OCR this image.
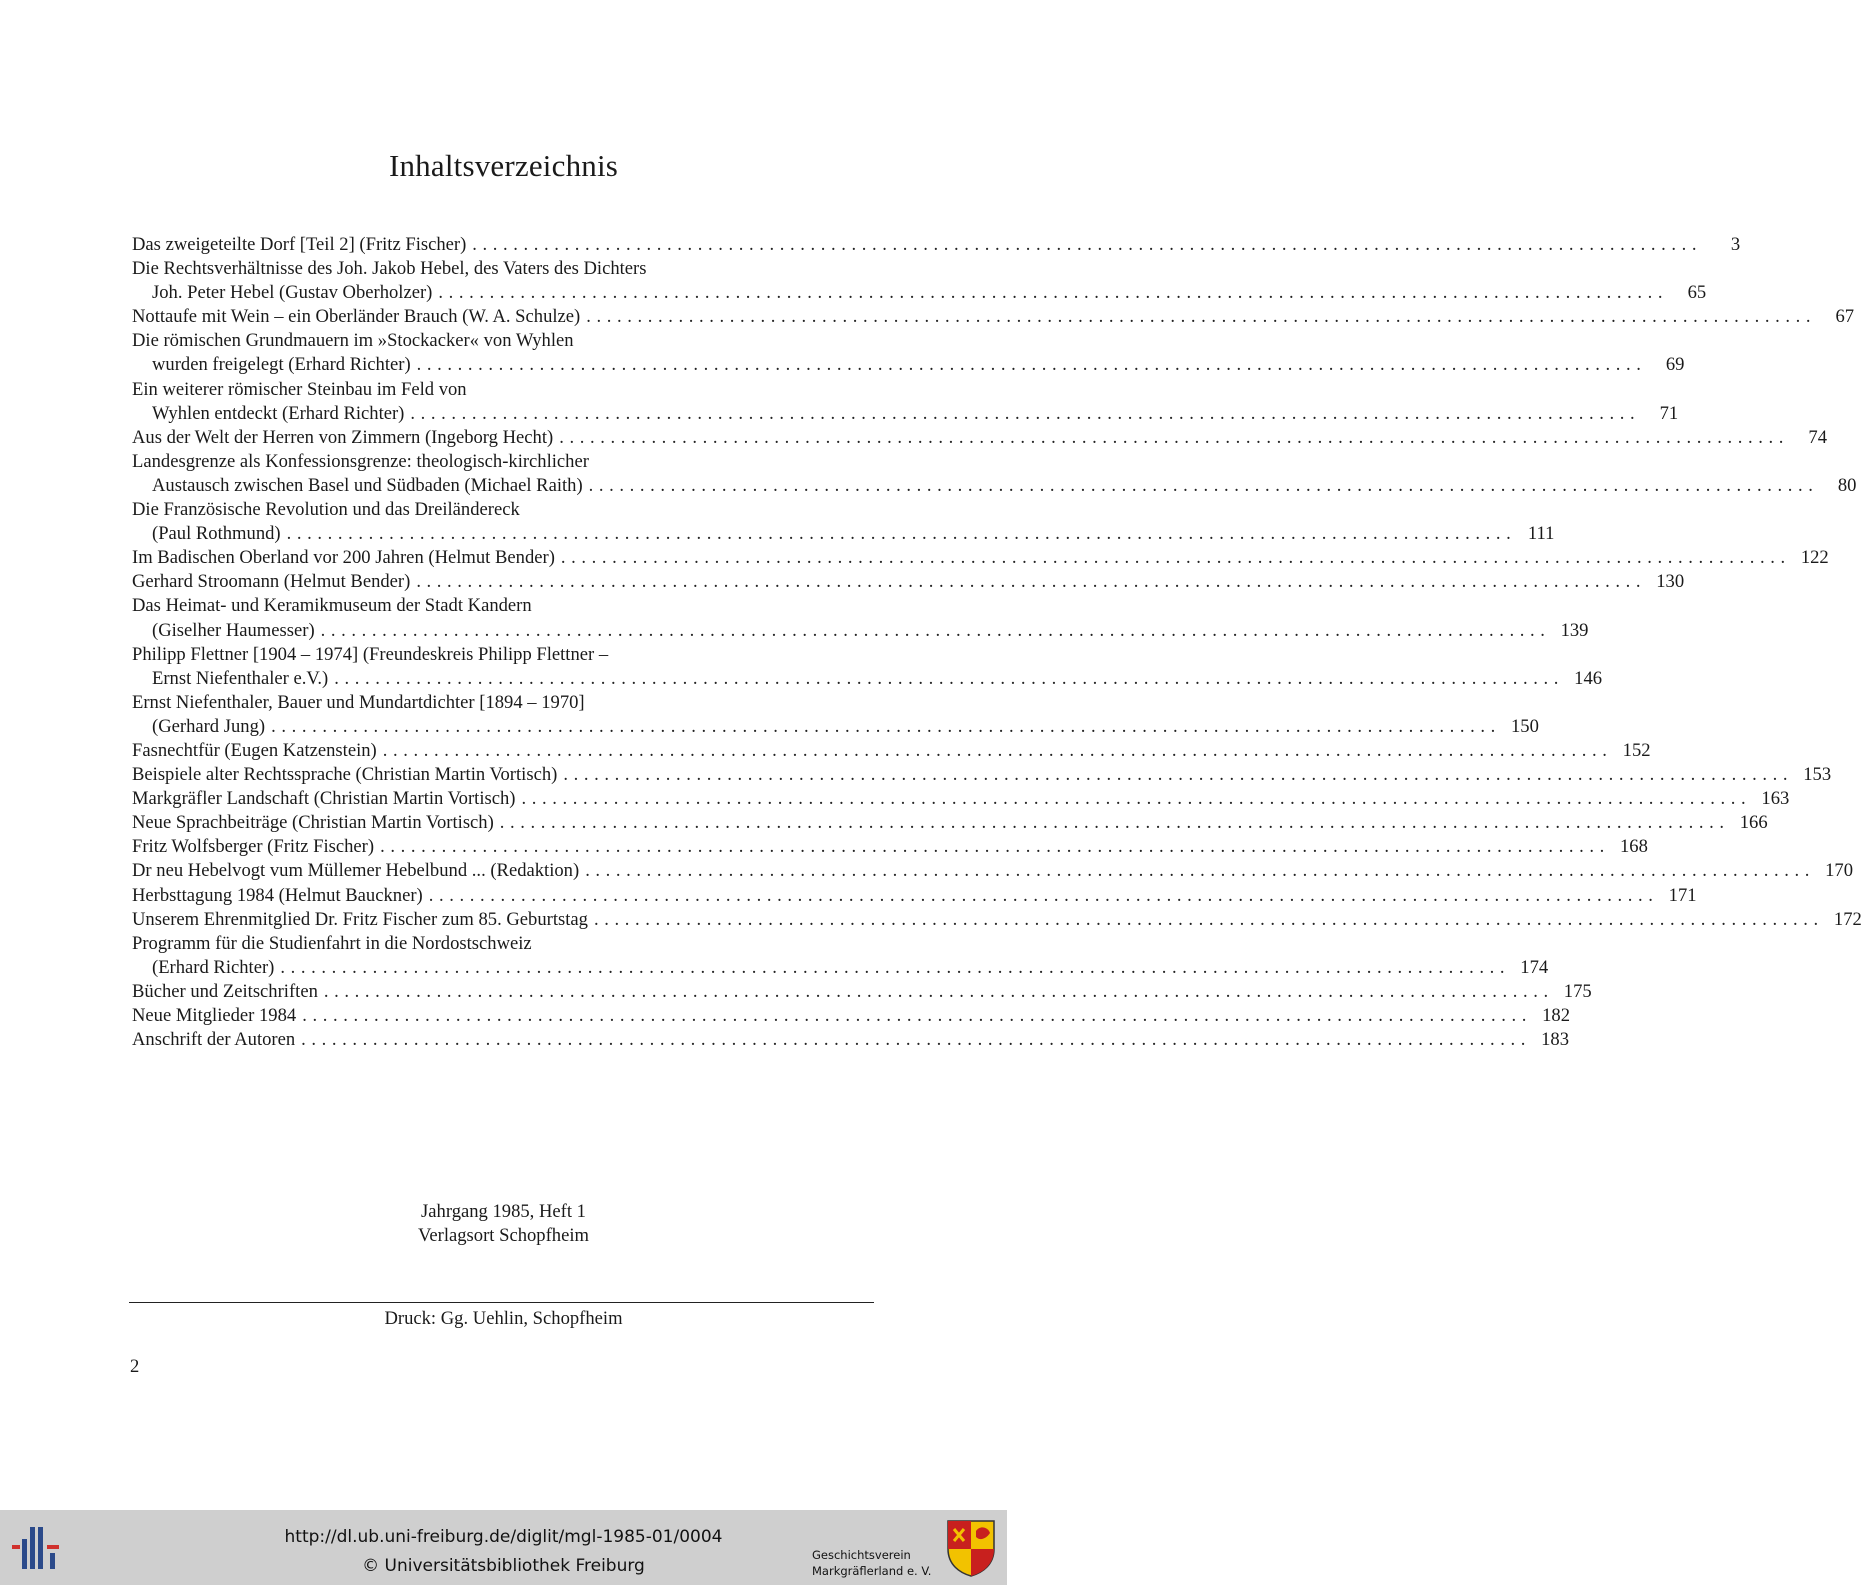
Inhaltsverzeichnis
Das zweigeteilte Dorf [Teil 2] (Fritz Fischer) ........................................................................................................................	3
Die Rechtsverhältnisse des Joh. Jakob Hebel, des Vaters des Dichters
Joh. Peter Hebel (Gustav Oberholzer) ........................................................................................................................	65
Nottaufe mit Wein – ein Oberländer Brauch (W. A. Schulze) ........................................................................................................................	67
Die römischen Grundmauern im »Stockacker« von Wyhlen
wurden freigelegt (Erhard Richter) ........................................................................................................................	69
Ein weiterer römischer Steinbau im Feld von
Wyhlen entdeckt (Erhard Richter) ........................................................................................................................	71
Aus der Welt der Herren von Zimmern (Ingeborg Hecht) ........................................................................................................................	74
Landesgrenze als Konfessionsgrenze: theologisch-kirchlicher
Austausch zwischen Basel und Südbaden (Michael Raith) ........................................................................................................................	80
Die Französische Revolution und das Dreiländereck
(Paul Rothmund) ........................................................................................................................ 111
Im Badischen Oberland vor 200 Jahren (Helmut Bender) ........................................................................................................................ 122
Gerhard Stroomann (Helmut Bender) ........................................................................................................................ 130
Das Heimat- und Keramikmuseum der Stadt Kandern
(Giselher Haumesser) ........................................................................................................................ 139
Philipp Flettner [1904 – 1974] (Freundeskreis Philipp Flettner –
Ernst Niefenthaler e.V.) ........................................................................................................................ 146
Ernst Niefenthaler, Bauer und Mundartdichter [1894 – 1970]
(Gerhard Jung) ........................................................................................................................ 150
Fasnechtfür (Eugen Katzenstein) ........................................................................................................................ 152
Beispiele alter Rechtssprache (Christian Martin Vortisch) ........................................................................................................................ 153
Markgräfler Landschaft (Christian Martin Vortisch) ........................................................................................................................ 163
Neue Sprachbeiträge (Christian Martin Vortisch) ........................................................................................................................ 166
Fritz Wolfsberger (Fritz Fischer) ........................................................................................................................ 168
Dr neu Hebelvogt vum Müllemer Hebelbund ... (Redaktion) ........................................................................................................................ 170
Herbsttagung 1984 (Helmut Bauckner) ........................................................................................................................ 171
Unserem Ehrenmitglied Dr. Fritz Fischer zum 85. Geburtstag ........................................................................................................................ 172
Programm für die Studienfahrt in die Nordostschweiz
(Erhard Richter) ........................................................................................................................ 174
Bücher und Zeitschriften ........................................................................................................................ 175
Neue Mitglieder 1984 ........................................................................................................................ 182
Anschrift der Autoren ........................................................................................................................ 183
Jahrgang 1985, Heft 1
Verlagsort Schopfheim
Druck: Gg. Uehlin, Schopfheim
2
http://dl.ub.uni-freiburg.de/diglit/mgl-1985-01/0004
© Universitätsbibliothek Freiburg
Geschichtsverein
Markgräflerland e. V.
